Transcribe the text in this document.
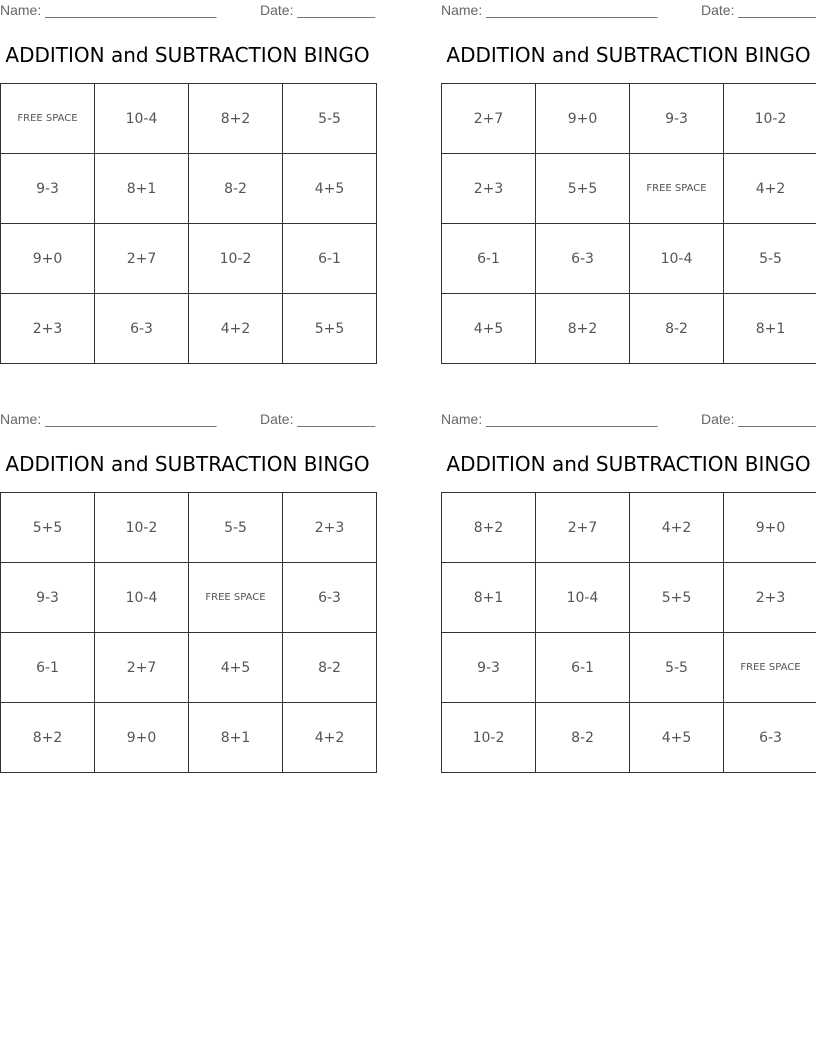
Name: ______________________	Date: __________
ADDITION and SUBTRACTION BINGO
FREE SPACE	10-4	8+2	5-5
9-3	8+1	8-2	4+5
9+0	2+7	10-2	6-1
2+3	6-3	4+2	5+5
Name: ______________________	Date: __________
ADDITION and SUBTRACTION BINGO
2+7	9+0	9-3	10-2
2+3	5+5	FREE SPACE	4+2
6-1	6-3	10-4	5-5
4+5	8+2	8-2	8+1
Name: ______________________	Date: __________
ADDITION and SUBTRACTION BINGO
5+5	10-2	5-5	2+3
9-3	10-4	FREE SPACE	6-3
6-1	2+7	4+5	8-2
8+2	9+0	8+1	4+2
Name: ______________________	Date: __________
ADDITION and SUBTRACTION BINGO
8+2	2+7	4+2	9+0
8+1	10-4	5+5	2+3
9-3	6-1	5-5	FREE SPACE
10-2	8-2	4+5	6-3
